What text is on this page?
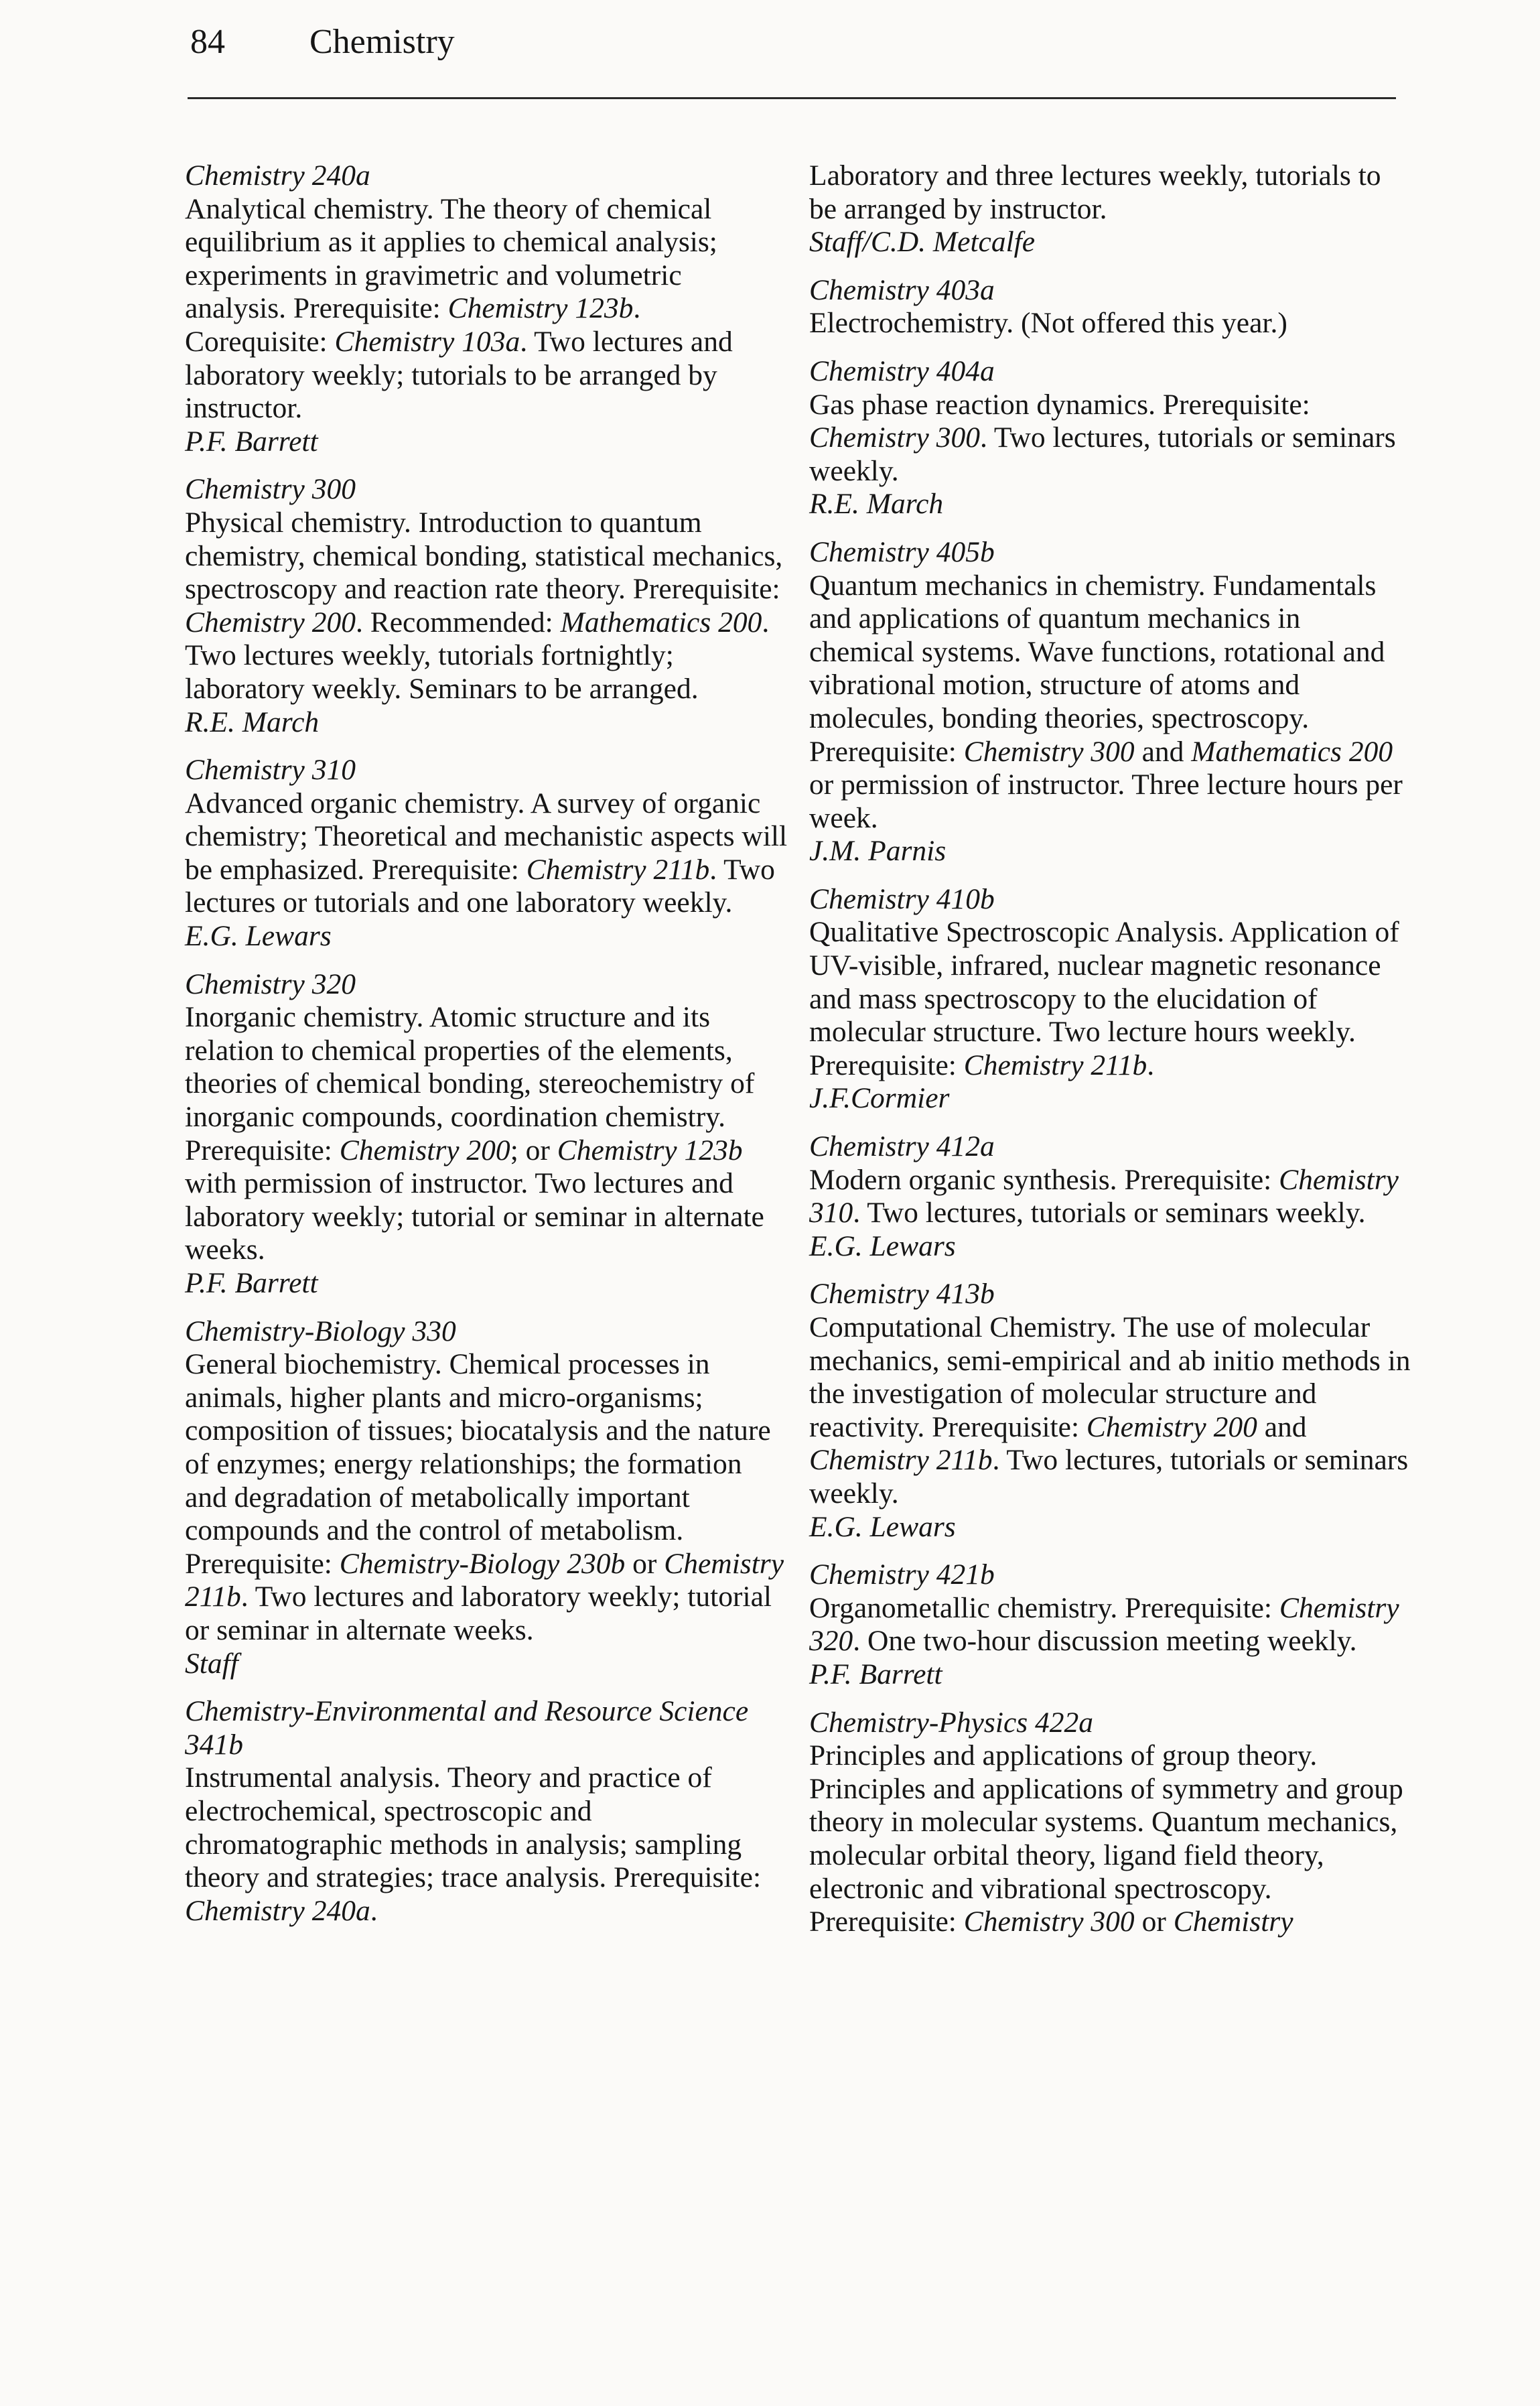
84 Chemistry

Chemistry 240a

Analytical chemistry. The theory of chemical equilibrium as it applies to chemical analysis; experiments in gravimetric and volumetric analysis. Prerequisite: Chemistry 123b. Corequisite: Chemistry 103a. Two lectures and laboratory weekly; tutorials to be arranged by instructor.

P.F. Barrett

Chemistry 300

Physical chemistry. Introduction to quantum chemistry, chemical bonding, statistical mechanics, spectroscopy and reaction rate theory. Prerequisite: Chemistry 200. Recommended: Mathematics 200. Two lectures weekly, tutorials fortnightly; laboratory weekly. Seminars to be arranged.

R.E. March

Chemistry 310

Advanced organic chemistry. A survey of organic chemistry; Theoretical and mechanistic aspects will be emphasized. Prerequisite: Chemistry 211b. Two lectures or tutorials and one laboratory weekly.

E.G. Lewars

Chemistry 320

Inorganic chemistry. Atomic structure and its relation to chemical properties of the elements, theories of chemical bonding, stereochemistry of inorganic compounds, coordination chemistry. Prerequisite: Chemistry 200; or Chemistry 123b with permission of instructor. Two lectures and laboratory weekly; tutorial or seminar in alternate weeks.

P.F. Barrett

Chemistry-Biology 330

General biochemistry. Chemical processes in animals, higher plants and micro-organisms; composition of tissues; biocatalysis and the nature of enzymes; energy relationships; the formation and degradation of metabolically important compounds and the control of metabolism. Prerequisite: Chemistry-Biology 230b or Chemistry 211b. Two lectures and laboratory weekly; tutorial or seminar in alternate weeks.

Staff

Chemistry-Environmental and Resource Science 341b

Instrumental analysis. Theory and practice of electrochemical, spectroscopic and chromatographic methods in analysis; sampling theory and strategies; trace analysis. Prerequisite: Chemistry 240a.

Laboratory and three lectures weekly, tutorials to be arranged by instructor.

Staff/C.D. Metcalfe

Chemistry 403a

Electrochemistry. (Not offered this year.)

Chemistry 404a

Gas phase reaction dynamics. Prerequisite: Chemistry 300. Two lectures, tutorials or seminars weekly.

R.E. March

Chemistry 405b

Quantum mechanics in chemistry. Fundamentals and applications of quantum mechanics in chemical systems. Wave functions, rotational and vibrational motion, structure of atoms and molecules, bonding theories, spectroscopy. Prerequisite: Chemistry 300 and Mathematics 200 or permission of instructor. Three lecture hours per week.

J.M. Parnis

Chemistry 410b

Qualitative Spectroscopic Analysis. Application of UV-visible, infrared, nuclear magnetic resonance and mass spectroscopy to the elucidation of molecular structure. Two lecture hours weekly. Prerequisite: Chemistry 211b.

J.F.Cormier

Chemistry 412a

Modern organic synthesis. Prerequisite: Chemistry 310. Two lectures, tutorials or seminars weekly.

E.G. Lewars

Chemistry 413b

Computational Chemistry. The use of molecular mechanics, semi-empirical and ab initio methods in the investigation of molecular structure and reactivity. Prerequisite: Chemistry 200 and Chemistry 211b. Two lectures, tutorials or seminars weekly.

E.G. Lewars

Chemistry 421b

Organometallic chemistry. Prerequisite: Chemistry 320. One two-hour discussion meeting weekly.

P.F. Barrett

Chemistry-Physics 422a

Principles and applications of group theory. Principles and applications of symmetry and group theory in molecular systems. Quantum mechanics, molecular orbital theory, ligand field theory, electronic and vibrational spectroscopy. Prerequisite: Chemistry 300 or Chemistry
